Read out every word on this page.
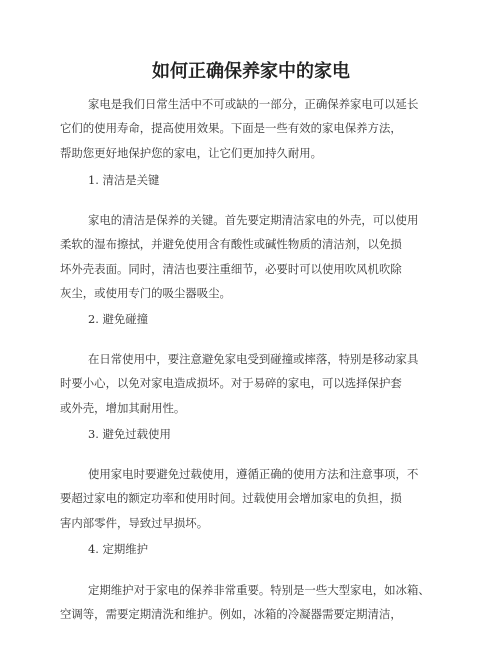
如何正确保养家中的家电
家电是我们日常生活中不可或缺的一部分，正确保养家电可以延长
它们的使用寿命，提高使用效果。下面是一些有效的家电保养方法，
帮助您更好地保护您的家电，让它们更加持久耐用。

1. 清洁是关键

家电的清洁是保养的关键。首先要定期清洁家电的外壳，可以使用
柔软的湿布擦拭，并避免使用含有酸性或碱性物质的清洁剂，以免损
坏外壳表面。同时，清洁也要注重细节，必要时可以使用吹风机吹除
灰尘，或使用专门的吸尘器吸尘。

2. 避免碰撞

在日常使用中，要注意避免家电受到碰撞或摔落，特别是移动家具
时要小心，以免对家电造成损坏。对于易碎的家电，可以选择保护套
或外壳，增加其耐用性。

3. 避免过载使用

使用家电时要避免过载使用，遵循正确的使用方法和注意事项，不
要超过家电的额定功率和使用时间。过载使用会增加家电的负担，损
害内部零件，导致过早损坏。

4. 定期维护

定期维护对于家电的保养非常重要。特别是一些大型家电，如冰箱、
空调等，需要定期清洗和维护。例如，冰箱的冷凝器需要定期清洁，
